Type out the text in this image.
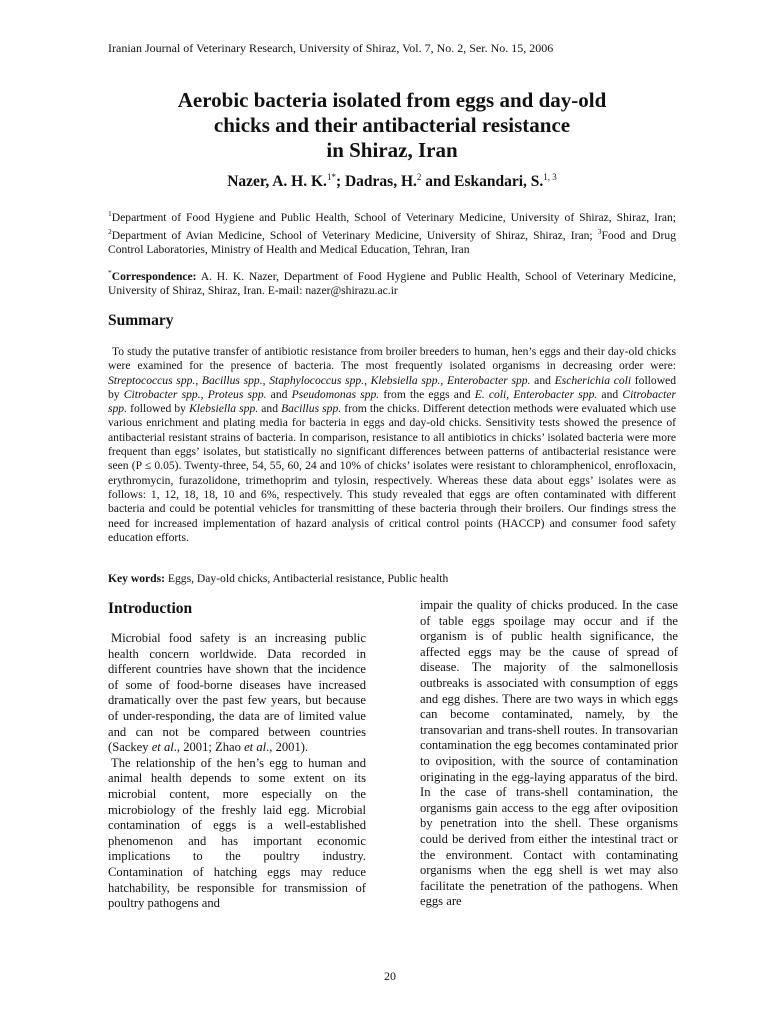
Iranian Journal of Veterinary Research, University of Shiraz, Vol. 7, No. 2, Ser. No. 15, 2006
Aerobic bacteria isolated from eggs and day-old
chicks and their antibacterial resistance
in Shiraz, Iran
Nazer, A. H. K.$^{1*}$; Dadras, H.$^2$ and Eskandari, S.$^{1, 3}$
$^1$Department of Food Hygiene and Public Health, School of Veterinary Medicine, University of Shiraz, Shiraz, Iran; $^2$Department of Avian Medicine, School of Veterinary Medicine, University of Shiraz, Shiraz, Iran; $^3$Food and Drug Control Laboratories, Ministry of Health and Medical Education, Tehran, Iran
*Correspondence: A. H. K. Nazer, Department of Food Hygiene and Public Health, School of Veterinary Medicine, University of Shiraz, Shiraz, Iran. E-mail: nazer@shirazu.ac.ir
Summary
To study the putative transfer of antibiotic resistance from broiler breeders to human, hen’s eggs and their day-old chicks were examined for the presence of bacteria. The most frequently isolated organisms in decreasing order were: Streptococcus spp., Bacillus spp., Staphylococcus spp., Klebsiella spp., Enterobacter spp. and Escherichia coli followed by Citrobacter spp., Proteus spp. and Pseudomonas spp. from the eggs and E. coli, Enterobacter spp. and Citrobacter spp. followed by Klebsiella spp. and Bacillus spp. from the chicks. Different detection methods were evaluated which use various enrichment and plating media for bacteria in eggs and day-old chicks. Sensitivity tests showed the presence of antibacterial resistant strains of bacteria. In comparison, resistance to all antibiotics in chicks’ isolated bacteria were more frequent than eggs’ isolates, but statistically no significant differences between patterns of antibacterial resistance were seen (P ≤ 0.05). Twenty-three, 54, 55, 60, 24 and 10% of chicks’ isolates were resistant to chloramphenicol, enrofloxacin, erythromycin, furazolidone, trimethoprim and tylosin, respectively. Whereas these data about eggs’ isolates were as follows: 1, 12, 18, 18, 10 and 6%, respectively. This study revealed that eggs are often contaminated with different bacteria and could be potential vehicles for transmitting of these bacteria through their broilers. Our findings stress the need for increased implementation of hazard analysis of critical control points (HACCP) and consumer food safety education efforts.
Key words: Eggs, Day-old chicks, Antibacterial resistance, Public health
Introduction
Microbial food safety is an increasing public health concern worldwide. Data recorded in different countries have shown that the incidence of some of food-borne diseases have increased dramatically over the past few years, but because of under-responding, the data are of limited value and can not be compared between countries (Sackey et al., 2001; Zhao et al., 2001).
The relationship of the hen’s egg to human and animal health depends to some extent on its microbial content, more especially on the microbiology of the freshly laid egg. Microbial contamination of eggs is a well-established phenomenon and has important economic implications to the poultry industry. Contamination of hatching eggs may reduce hatchability, be responsible for transmission of poultry pathogens and
impair the quality of chicks produced. In the case of table eggs spoilage may occur and if the organism is of public health significance, the affected eggs may be the cause of spread of disease. The majority of the salmonellosis outbreaks is associated with consumption of eggs and egg dishes. There are two ways in which eggs can become contaminated, namely, by the transovarian and trans-shell routes. In transovarian contamination the egg becomes contaminated prior to oviposition, with the source of contamination originating in the egg-laying apparatus of the bird. In the case of trans-shell contamination, the organisms gain access to the egg after oviposition by penetration into the shell. These organisms could be derived from either the intestinal tract or the environment. Contact with contaminating organisms when the egg shell is wet may also facilitate the penetration of the pathogens. When eggs are
20
